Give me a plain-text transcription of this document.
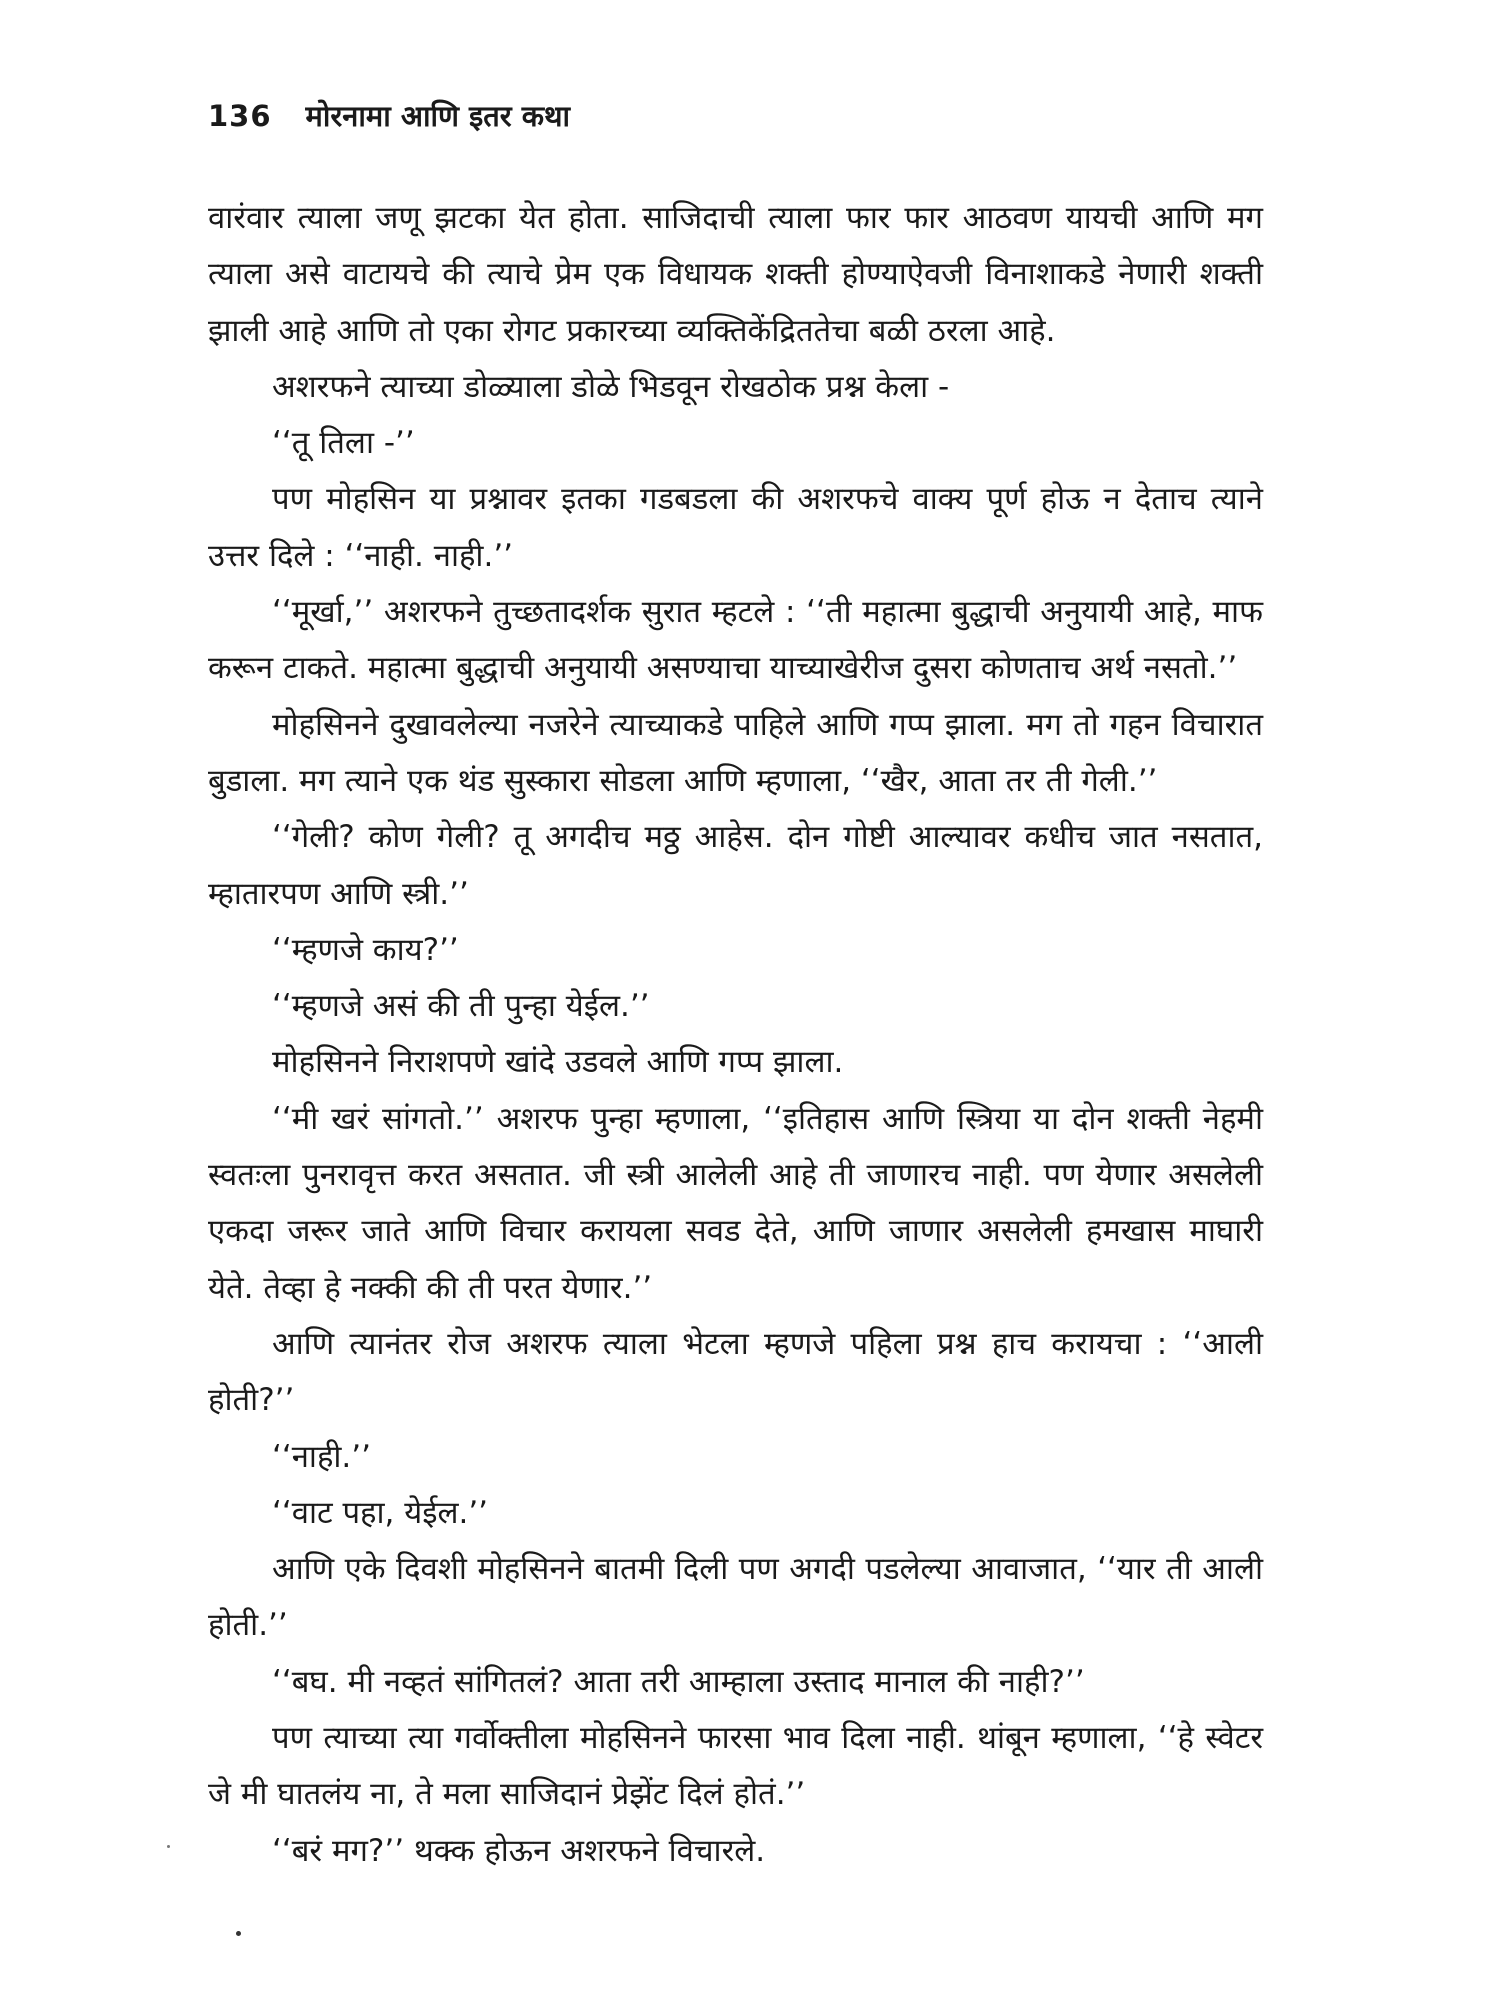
136 मोरनामा आणि इतर कथा

वारंवार त्याला जणू झटका येत होता. साजिदाची त्याला फार फार आठवण यायची आणि मग त्याला असे वाटायचे की त्याचे प्रेम एक विधायक शक्ती होण्याऐवजी विनाशाकडे नेणारी शक्ती झाली आहे आणि तो एका रोगट प्रकारच्या व्यक्तिकेंद्रिततेचा बळी ठरला आहे.

अशरफने त्याच्या डोळ्याला डोळे भिडवून रोखठोक प्रश्न केला -

‘‘तू तिला -’’

पण मोहसिन या प्रश्नावर इतका गडबडला की अशरफचे वाक्य पूर्ण होऊ न देताच त्याने उत्तर दिले : ‘‘नाही. नाही.’’

‘‘मूर्खा,’’ अशरफने तुच्छतादर्शक सुरात म्हटले : ‘‘ती महात्मा बुद्धाची अनुयायी आहे, माफ करून टाकते. महात्मा बुद्धाची अनुयायी असण्याचा याच्याखेरीज दुसरा कोणताच अर्थ नसतो.’’

मोहसिनने दुखावलेल्या नजरेने त्याच्याकडे पाहिले आणि गप्प झाला. मग तो गहन विचारात बुडाला. मग त्याने एक थंड सुस्कारा सोडला आणि म्हणाला, ‘‘खैर, आता तर ती गेली.’’

‘‘गेली? कोण गेली? तू अगदीच मठ्ठ आहेस. दोन गोष्टी आल्यावर कधीच जात नसतात, म्हातारपण आणि स्त्री.’’

‘‘म्हणजे काय?’’

‘‘म्हणजे असं की ती पुन्हा येईल.’’

मोहसिनने निराशपणे खांदे उडवले आणि गप्प झाला.

‘‘मी खरं सांगतो.’’ अशरफ पुन्हा म्हणाला, ‘‘इतिहास आणि स्त्रिया या दोन शक्ती नेहमी स्वतःला पुनरावृत्त करत असतात. जी स्त्री आलेली आहे ती जाणारच नाही. पण येणार असलेली एकदा जरूर जाते आणि विचार करायला सवड देते, आणि जाणार असलेली हमखास माघारी येते. तेव्हा हे नक्की की ती परत येणार.’’

आणि त्यानंतर रोज अशरफ त्याला भेटला म्हणजे पहिला प्रश्न हाच करायचा : ‘‘आली होती?’’

‘‘नाही.’’

‘‘वाट पहा, येईल.’’

आणि एके दिवशी मोहसिनने बातमी दिली पण अगदी पडलेल्या आवाजात, ‘‘यार ती आली होती.’’

‘‘बघ. मी नव्हतं सांगितलं? आता तरी आम्हाला उस्ताद मानाल की नाही?’’

पण त्याच्या त्या गर्वोक्तीला मोहसिनने फारसा भाव दिला नाही. थांबून म्हणाला, ‘‘हे स्वेटर जे मी घातलंय ना, ते मला साजिदानं प्रेझेंट दिलं होतं.’’

‘‘बरं मग?’’ थक्क होऊन अशरफने विचारले.
